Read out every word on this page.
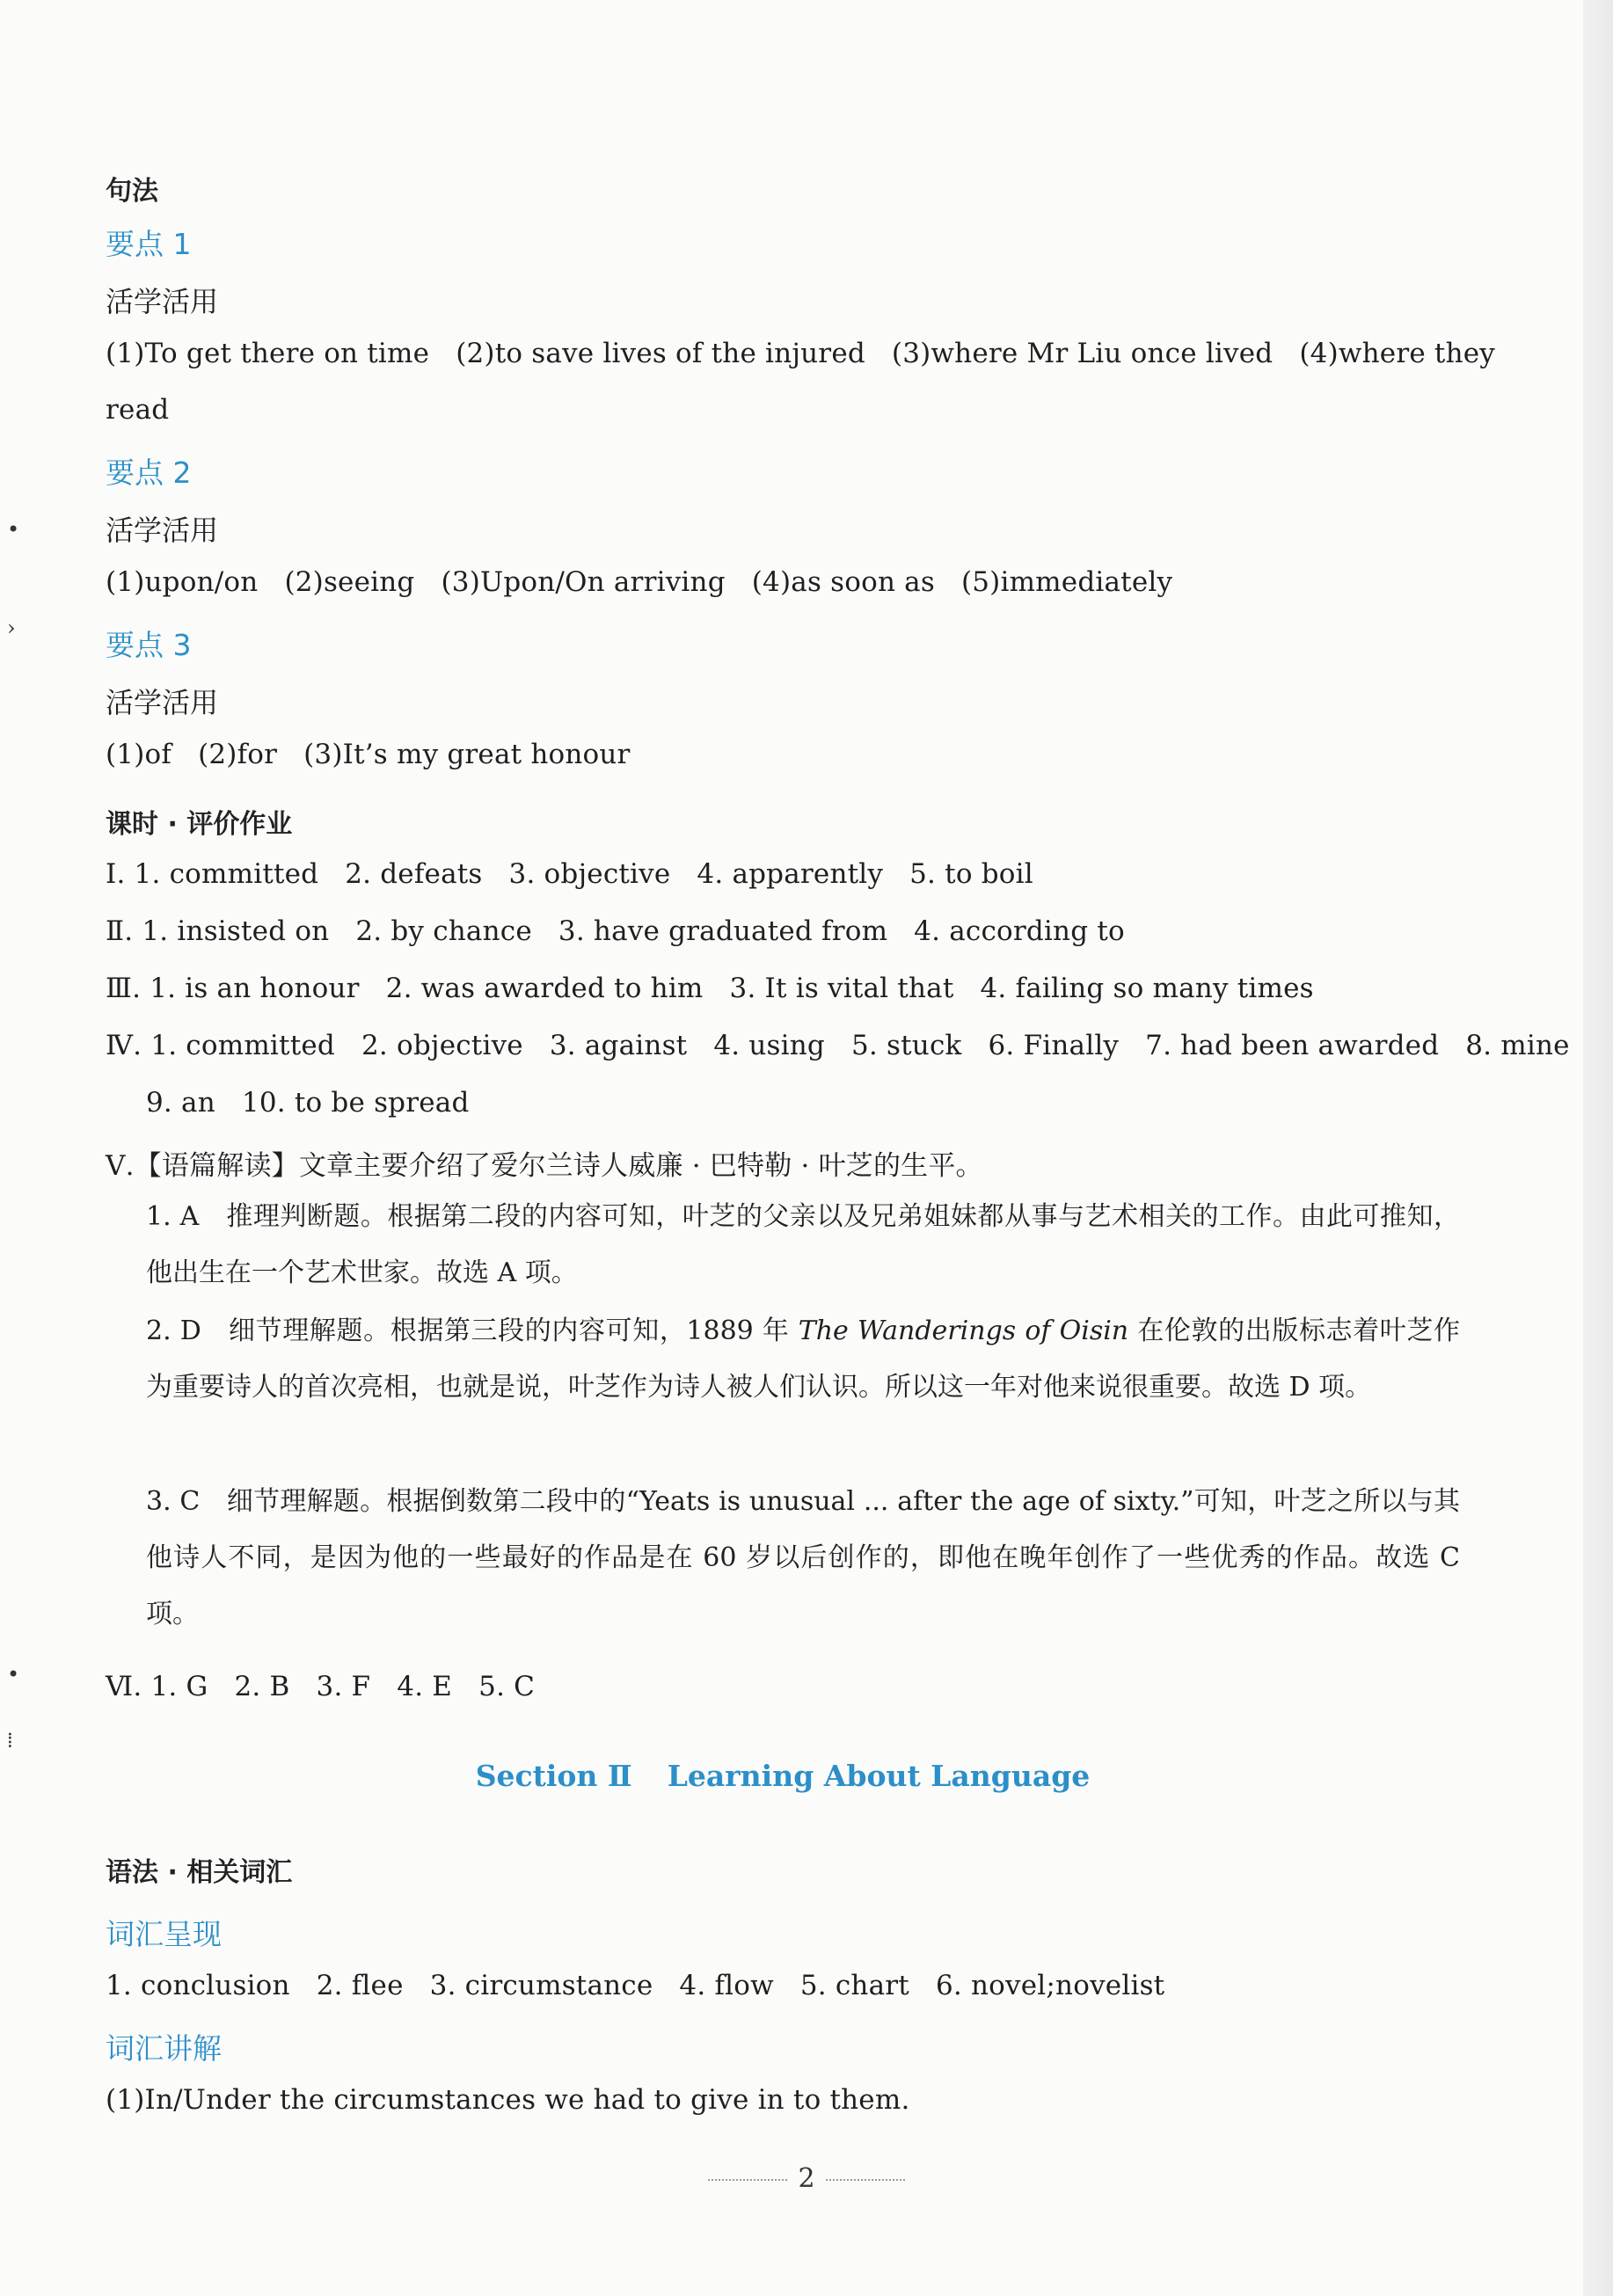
•
›
•
⁞
句法
要点 1
活学活用
(1)To get there on time (2)to save lives of the injured (3)where Mr Liu once lived (4)where they
read
要点 2
活学活用
(1)upon/on (2)seeing (3)Upon/On arriving (4)as soon as (5)immediately
要点 3
活学活用
(1)of (2)for (3)It’s my great honour
课时 · 评价作业
Ⅰ. 1. committed 2. defeats 3. objective 4. apparently 5. to boil
Ⅱ. 1. insisted on 2. by chance 3. have graduated from 4. according to
Ⅲ. 1. is an honour 2. was awarded to him 3. It is vital that 4. failing so many times
Ⅳ. 1. committed 2. objective 3. against 4. using 5. stuck 6. Finally 7. had been awarded 8. mine
9. an 10. to be spread
Ⅴ.【语篇解读】文章主要介绍了爱尔兰诗人威廉 · 巴特勒 · 叶芝的生平。
1. A　推理判断题。根据第二段的内容可知，叶芝的父亲以及兄弟姐妹都从事与艺术相关的工作。由此可推知，他出生在一个艺术世家。故选 A 项。
2. D　细节理解题。根据第三段的内容可知，1889 年 The Wanderings of Oisin 在伦敦的出版标志着叶芝作为重要诗人的首次亮相，也就是说，叶芝作为诗人被人们认识。所以这一年对他来说很重要。故选 D 项。
3. C　细节理解题。根据倒数第二段中的“Yeats is unusual ... after the age of sixty.”可知，叶芝之所以与其他诗人不同，是因为他的一些最好的作品是在 60 岁以后创作的，即他在晚年创作了一些优秀的作品。故选 C 项。
Ⅵ. 1. G 2. B 3. F 4. E 5. C
Section Ⅱ Learning About Language
语法 · 相关词汇
词汇呈现
1. conclusion 2. flee 3. circumstance 4. flow 5. chart 6. novel;novelist
词汇讲解
(1)In/Under the circumstances we had to give in to them.
2
